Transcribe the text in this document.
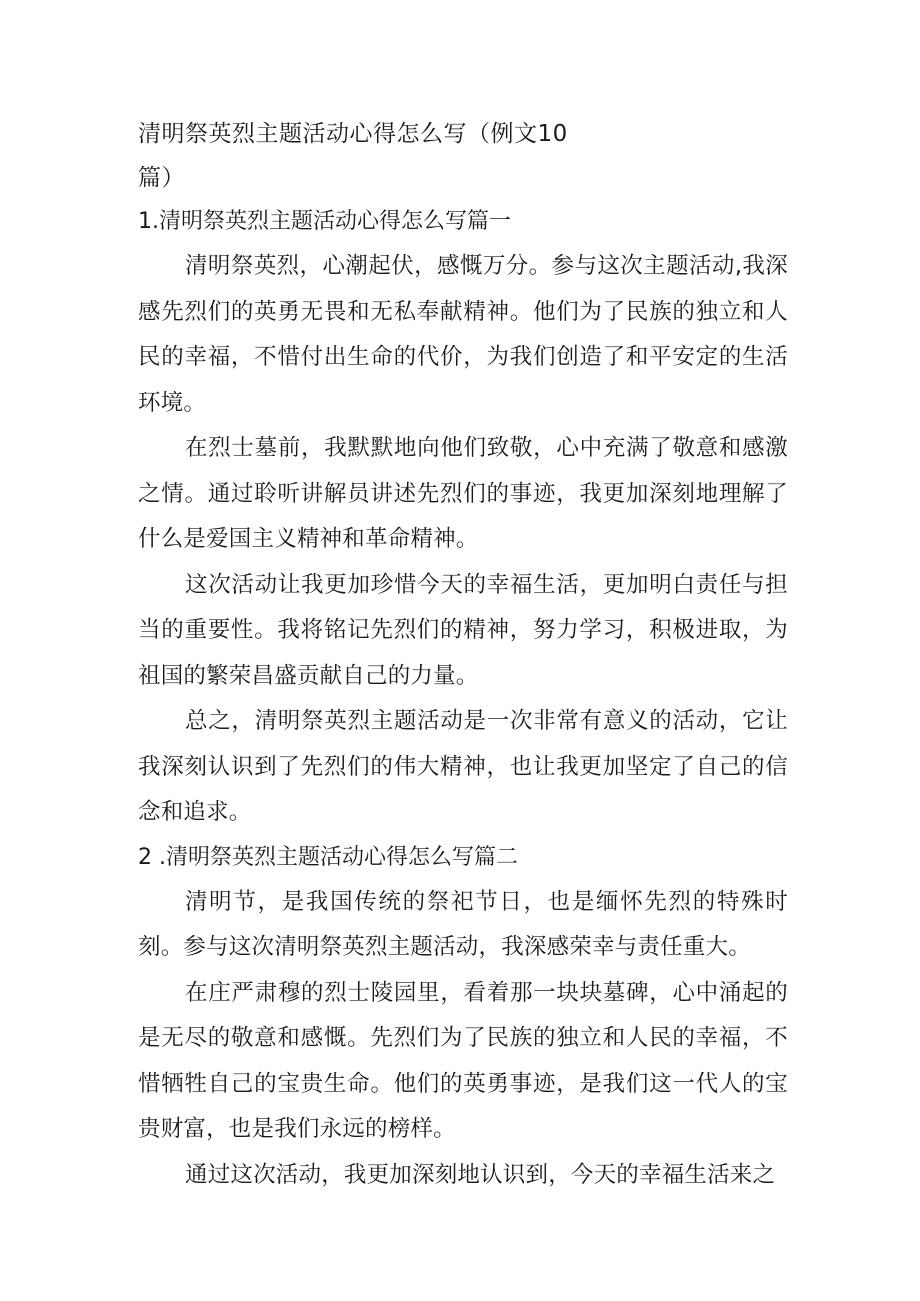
清明祭英烈主题活动心得怎么写（例文10篇）
1.清明祭英烈主题活动心得怎么写篇一

清明祭英烈，心潮起伏，感慨万分。参与这次主题活动,我深感先烈们的英勇无畏和无私奉献精神。他们为了民族的独立和人民的幸福，不惜付出生命的代价，为我们创造了和平安定的生活环境。

在烈士墓前，我默默地向他们致敬，心中充满了敬意和感激之情。通过聆听讲解员讲述先烈们的事迹，我更加深刻地理解了什么是爱国主义精神和革命精神。

这次活动让我更加珍惜今天的幸福生活，更加明白责任与担当的重要性。我将铭记先烈们的精神，努力学习，积极进取，为祖国的繁荣昌盛贡献自己的力量。

总之，清明祭英烈主题活动是一次非常有意义的活动，它让我深刻认识到了先烈们的伟大精神，也让我更加坚定了自己的信念和追求。

2 .清明祭英烈主题活动心得怎么写篇二

清明节，是我国传统的祭祀节日，也是缅怀先烈的特殊时刻。参与这次清明祭英烈主题活动，我深感荣幸与责任重大。

在庄严肃穆的烈士陵园里，看着那一块块墓碑，心中涌起的是无尽的敬意和感慨。先烈们为了民族的独立和人民的幸福，不惜牺牲自己的宝贵生命。他们的英勇事迹，是我们这一代人的宝贵财富，也是我们永远的榜样。

通过这次活动，我更加深刻地认识到，今天的幸福生活来之
